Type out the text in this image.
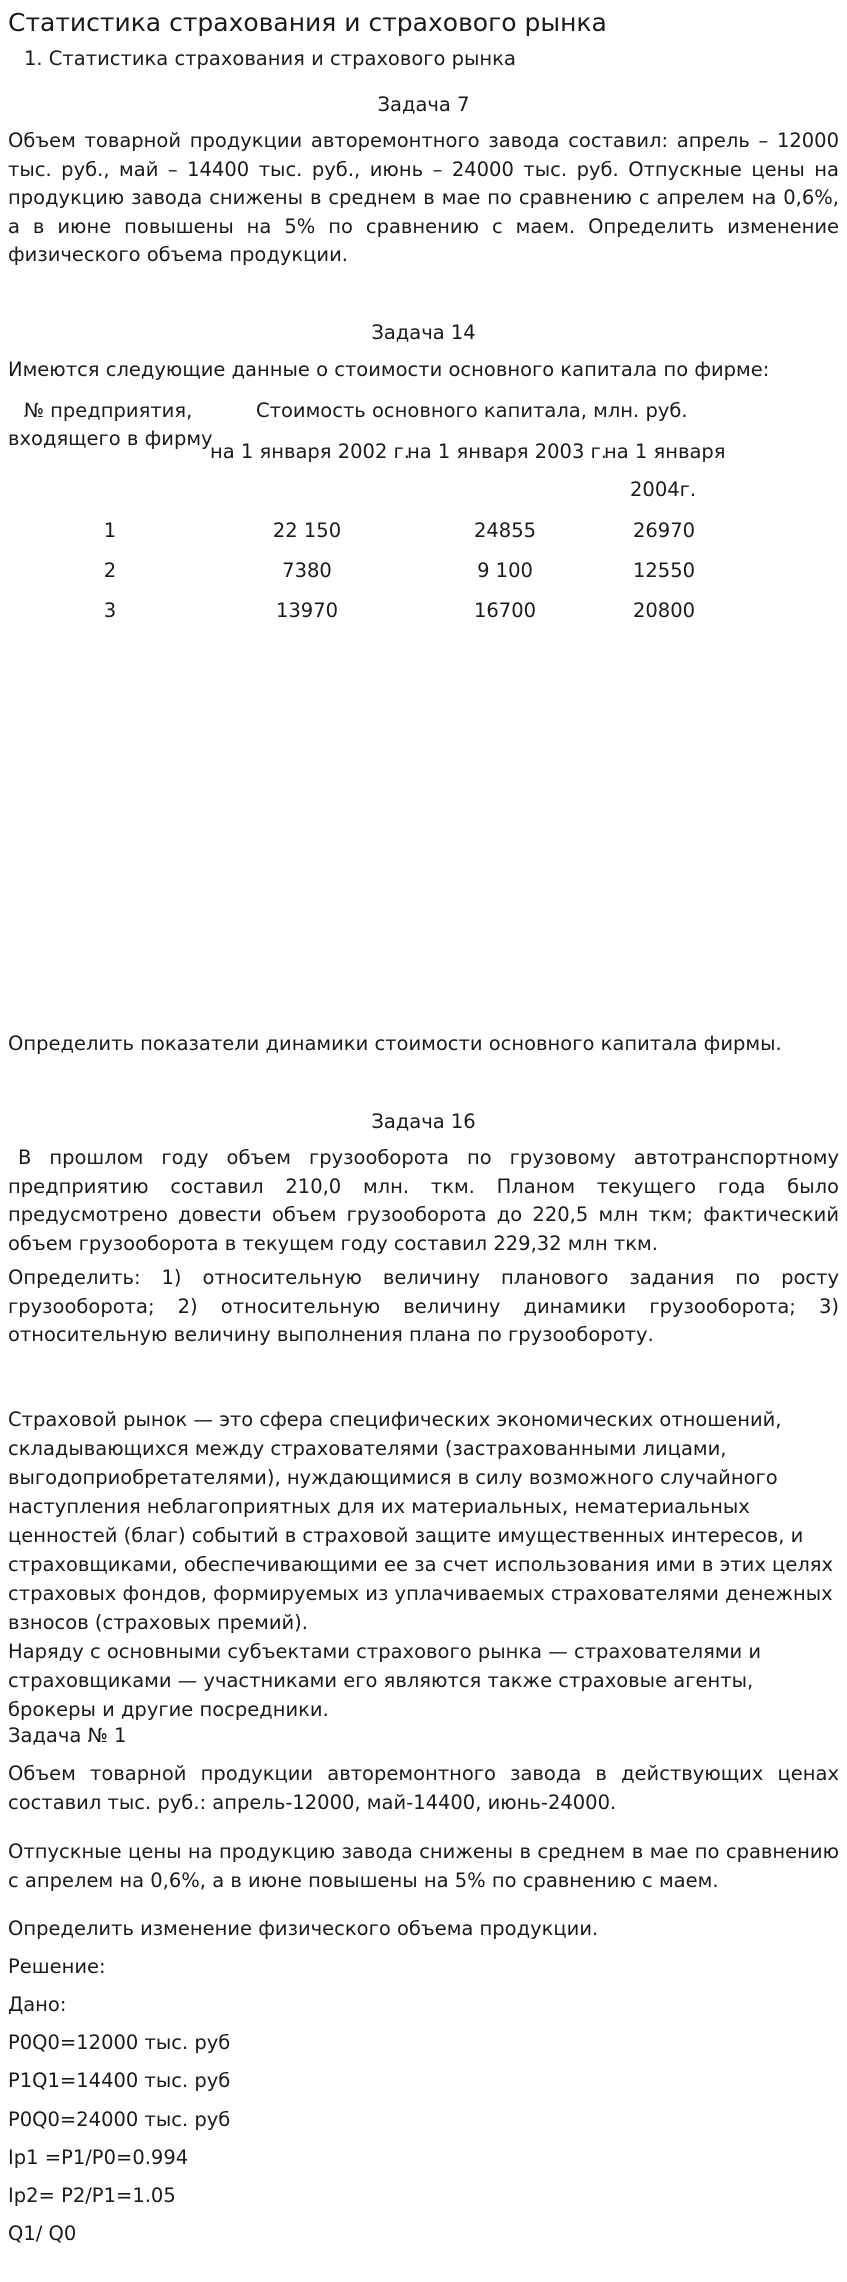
Статистика страхования и страхового рынка
1. Статистика страхования и страхового рынка
Задача 7

Объем товарной продукции авторемонтного завода составил: апрель – 12000 тыс. руб., май – 14400 тыс. руб., июнь – 24000 тыс. руб. Отпускные цены на продукцию завода снижены в среднем в мае по сравнению с апрелем на 0,6%, а в июне повышены на 5% по сравнению с маем. Определить изменение физического объема продукции.

Задача 14
Имеются следующие данные о стоимости основного капитала по фирме:
№ предприятия,
входящего в фирму
Стоимость основного капитала, млн. руб.
на 1 января 2002 г.
на 1 января 2003 г.
на 1 января
2004г.
1	22 150	24855	26970
2	7380	9 100	12550
3	13970	16700	20800
Определить показатели динамики стоимости основного капитала фирмы.
Задача 16

В прошлом году объем грузооборота по грузовому автотранспортному предприятию составил 210,0 млн. ткм. Планом текущего года было предусмотрено довести объем грузооборота до 220,5 млн ткм; фактический объем грузооборота в текущем году составил 229,32 млн ткм.

Определить: 1) относительную величину планового задания по росту грузооборота; 2) относительную величину динамики грузооборота; 3) относительную величину выполнения плана по грузообороту.

Страховой рынок — это сфера специфических экономических отношений, складывающихся между страхователями (застрахованными лицами, выгодоприобретателями), нуждающимися в силу возможного случайного наступления неблагоприятных для их материальных, нематериальных ценностей (благ) событий в страховой защите имущественных интересов, и страховщиками, обеспечивающими ее за счет использования ими в этих целях страховых фондов, формируемых из уплачиваемых страхователями денежных взносов (страховых премий).

Наряду с основными субъектами страхового рынка — страхователями и страховщиками — участниками его являются также страховые агенты, брокеры и другие посредники.

Задача № 1

Объем товарной продукции авторемонтного завода в действующих ценах составил тыс. руб.: апрель-12000, май-14400, июнь-24000.

Отпускные цены на продукцию завода снижены в среднем в мае по сравнению с апрелем на 0,6%, а в июне повышены на 5% по сравнению с маем.

Определить изменение физического объема продукции.
Решение:
Дано:
P0Q0=12000 тыс. руб
P1Q1=14400 тыс. руб
P0Q0=24000 тыс. руб
Ip1 =P1/P0=0.994
Ip2= P2/P1=1.05
Q1/ Q0
